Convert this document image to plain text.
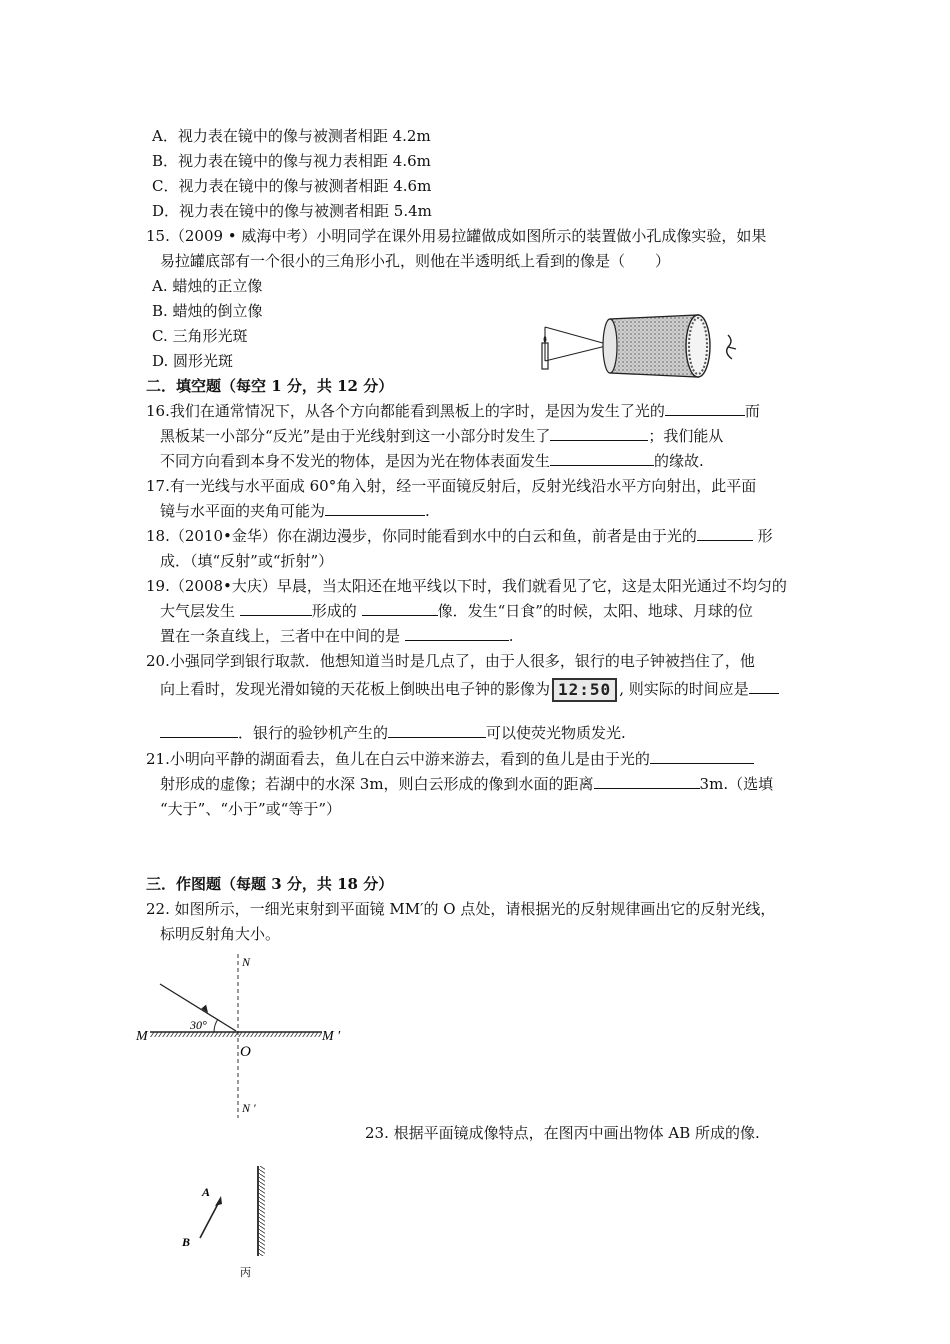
A．视力表在镜中的像与被测者相距 4.2m
B．视力表在镜中的像与视力表相距 4.6m
C．视力表在镜中的像与被测者相距 4.6m
D．视力表在镜中的像与被测者相距 5.4m
15.（2009 • 威海中考）小明同学在课外用易拉罐做成如图所示的装置做小孔成像实验，如果
易拉罐底部有一个很小的三角形小孔，则他在半透明纸上看到的像是（　　）
A. 蜡烛的正立像
B. 蜡烛的倒立像
C. 三角形光斑
D. 圆形光斑
二．填空题（每空 1 分，共 12 分）
16.我们在通常情况下，从各个方向都能看到黑板上的字时，是因为发生了光的	而
黑板某一小部分“反光”是由于光线射到这一小部分时发生了	；我们能从
不同方向看到本身不发光的物体，是因为光在物体表面发生	的缘故.
17.有一光线与水平面成 60°角入射，经一平面镜反射后，反射光线沿水平方向射出，此平面
镜与水平面的夹角可能为	.
18.（2010•金华）你在湖边漫步，你同时能看到水中的白云和鱼，前者是由于光的	形
成．（填“反射”或“折射”）
19.（2008•大庆）早晨，当太阳还在地平线以下时，我们就看见了它，这是太阳光通过不均匀的
大气层发生	形成的	像．发生“日食”的时候，太阳、地球、月球的位
置在一条直线上，三者中在中间的是	.
20.小强同学到银行取款．他想知道当时是几点了，由于人很多，银行的电子钟被挡住了，他
向上看时，发现光滑如镜的天花板上倒映出电子钟的影像为 12:50 , 则实际的时间应是
．银行的验钞机产生的	可以使荧光物质发光.
21.小明向平静的湖面看去，鱼儿在白云中游来游去，看到的鱼儿是由于光的
射形成的虚像；若湖中的水深 3m，则白云形成的像到水面的距离	3m.（选填
“大于”、“小于”或“等于”）
三．作图题（每题 3 分，共 18 分）
22. 如图所示，一细光束射到平面镜 MM′的 O 点处，请根据光的反射规律画出它的反射光线，
标明反射角大小。
30°
N
N ′
M	M ′
O
23. 根据平面镜成像特点，在图丙中画出物体 AB 所成的像.
A
B
丙
